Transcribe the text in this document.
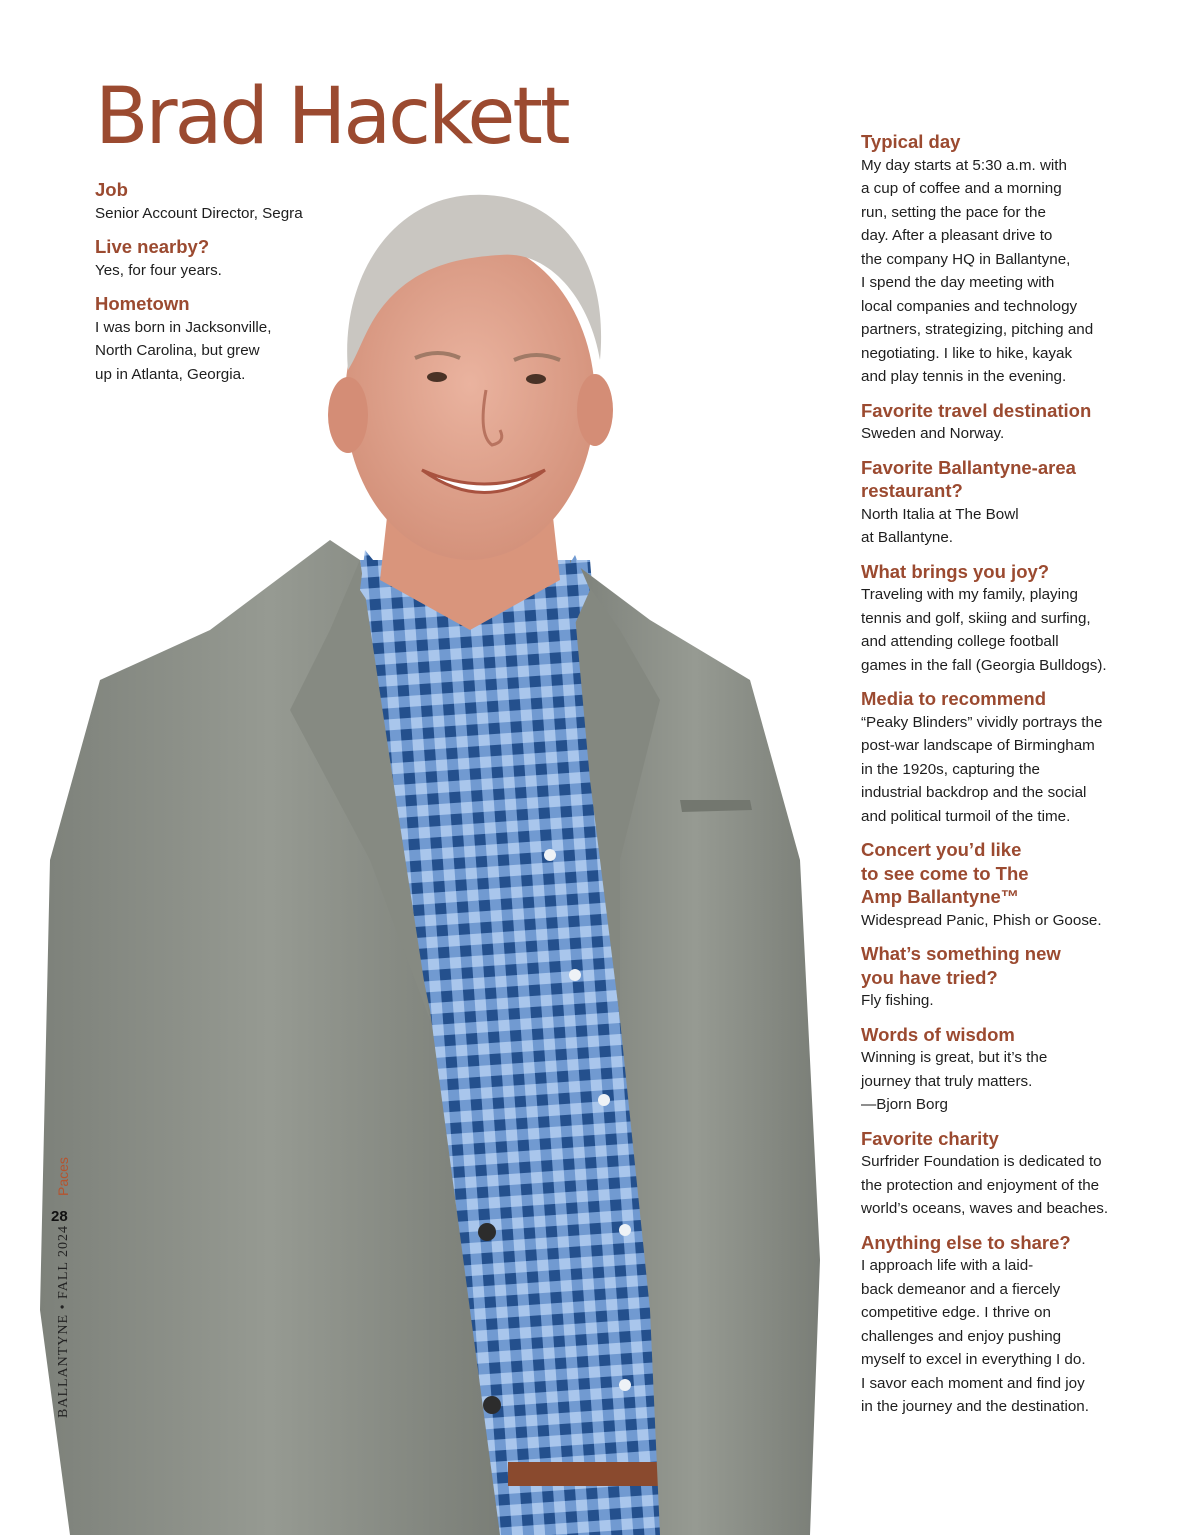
Brad Hackett
Job
Senior Account Director, Segra
Live nearby?
Yes, for four years.
Hometown
I was born in Jacksonville,
North Carolina, but grew
up in Atlanta, Georgia.
Typical day
My day starts at 5:30 a.m. with
a cup of coffee and a morning
run, setting the pace for the
day. After a pleasant drive to
the company HQ in Ballantyne,
I spend the day meeting with
local companies and technology
partners, strategizing, pitching and
negotiating. I like to hike, kayak
and play tennis in the evening.
Favorite travel destination
Sweden and Norway.
Favorite Ballantyne-area
restaurant?
North Italia at The Bowl
at Ballantyne.
What brings you joy?
Traveling with my family, playing
tennis and golf, skiing and surfing,
and attending college football
games in the fall (Georgia Bulldogs).
Media to recommend
“Peaky Blinders” vividly portrays the
post-war landscape of Birmingham
in the 1920s, capturing the
industrial backdrop and the social
and political turmoil of the time.
Concert you’d like
to see come to The
Amp Ballantyne™
Widespread Panic, Phish or Goose.
What’s something new
you have tried?
Fly fishing.
Words of wisdom
Winning is great, but it’s the
journey that truly matters.
—Bjorn Borg
Favorite charity
Surfrider Foundation is dedicated to
the protection and enjoyment of the
world’s oceans, waves and beaches.
Anything else to share?
I approach life with a laid-
back demeanor and a fiercely
competitive edge. I thrive on
challenges and enjoy pushing
myself to excel in everything I do.
I savor each moment and find joy
in the journey and the destination.
Paces
28
BALLANTYNE • FALL 2024
